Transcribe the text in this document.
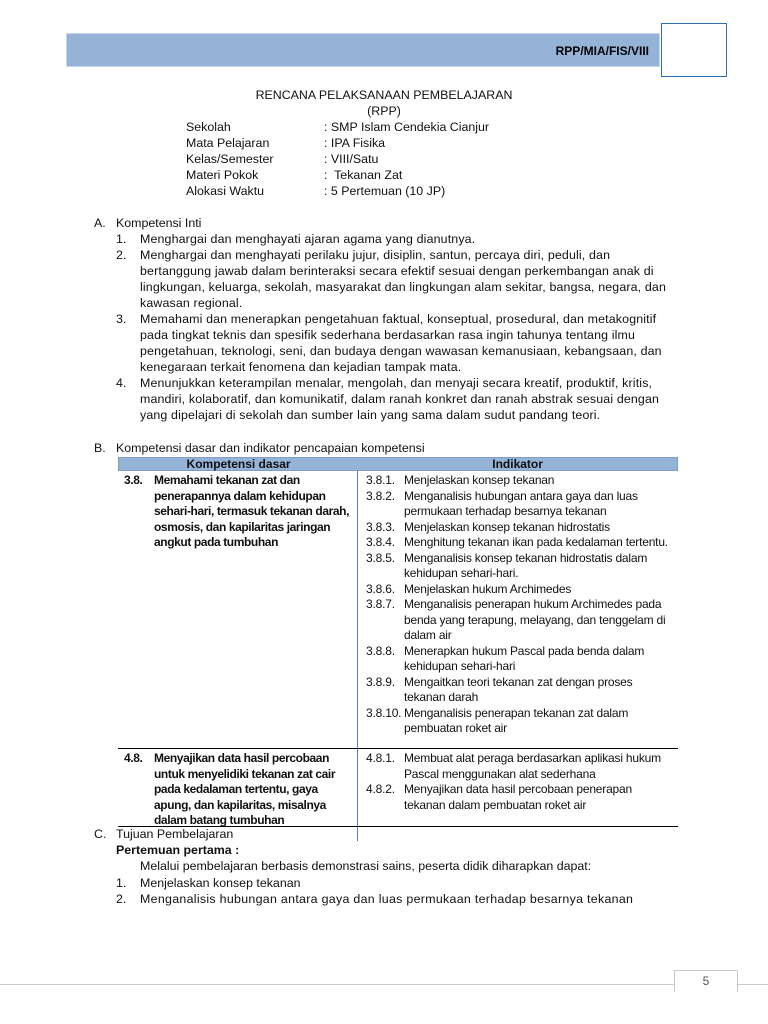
RPP/MIA/FIS/VIII
RENCANA PELAKSANAAN PEMBELAJARAN
(RPP)
Sekolah	: SMP Islam Cendekia Cianjur
Mata Pelajaran	: IPA Fisika
Kelas/Semester	: VIII/Satu
Materi Pokok	:  Tekanan Zat
Alokasi Waktu	: 5 Pertemuan (10 JP)
A. Kompetensi Inti
1.	Menghargai dan menghayati ajaran agama yang dianutnya.
2.	Menghargai dan menghayati perilaku jujur, disiplin, santun, percaya diri, peduli, dan
bertanggung jawab dalam berinteraksi secara efektif sesuai dengan perkembangan anak di
lingkungan, keluarga, sekolah, masyarakat dan lingkungan alam sekitar, bangsa, negara, dan
kawasan regional.
3.	Memahami dan menerapkan pengetahuan faktual, konseptual, prosedural, dan metakognitif
pada tingkat teknis dan spesifik sederhana berdasarkan rasa ingin tahunya tentang ilmu
pengetahuan, teknologi, seni, dan budaya dengan wawasan kemanusiaan, kebangsaan, dan
kenegaraan terkait fenomena dan kejadian tampak mata.
4.	Menunjukkan keterampilan menalar, mengolah, dan menyaji secara kreatif, produktif, kritis,
mandiri, kolaboratif, dan komunikatif, dalam ranah konkret dan ranah abstrak sesuai dengan
yang dipelajari di sekolah dan sumber lain yang sama dalam sudut pandang teori.
B. Kompetensi dasar dan indikator pencapaian kompetensi
Kompetensi dasar	Indikator
3.8. Memahami tekanan zat dan
penerapannya dalam kehidupan
sehari-hari, termasuk tekanan darah,
osmosis, dan kapilaritas jaringan
angkut pada tumbuhan
3.8.1. Menjelaskan konsep tekanan
3.8.2. Menganalisis hubungan antara gaya dan luas
permukaan terhadap besarnya tekanan
3.8.3. Menjelaskan konsep tekanan hidrostatis
3.8.4. Menghitung tekanan ikan pada kedalaman tertentu.
3.8.5. Menganalisis konsep tekanan hidrostatis dalam
kehidupan sehari-hari.
3.8.6. Menjelaskan hukum Archimedes
3.8.7. Menganalisis penerapan hukum Archimedes pada
benda yang terapung, melayang, dan tenggelam di
dalam air
3.8.8. Menerapkan hukum Pascal pada benda dalam
kehidupan sehari-hari
3.8.9. Mengaitkan teori tekanan zat dengan proses
tekanan darah
3.8.10. Menganalisis penerapan tekanan zat dalam
pembuatan roket air
4.8. Menyajikan data hasil percobaan
untuk menyelidiki tekanan zat cair
pada kedalaman tertentu, gaya
apung, dan kapilaritas, misalnya
dalam batang tumbuhan
4.8.1. Membuat alat peraga berdasarkan aplikasi hukum
Pascal menggunakan alat sederhana
4.8.2. Menyajikan data hasil percobaan penerapan
tekanan dalam pembuatan roket air
C. Tujuan Pembelajaran
Pertemuan pertama :
Melalui pembelajaran berbasis demonstrasi sains, peserta didik diharapkan dapat:
1.	Menjelaskan konsep tekanan
2.	Menganalisis hubungan antara gaya dan luas permukaan terhadap besarnya tekanan
5
